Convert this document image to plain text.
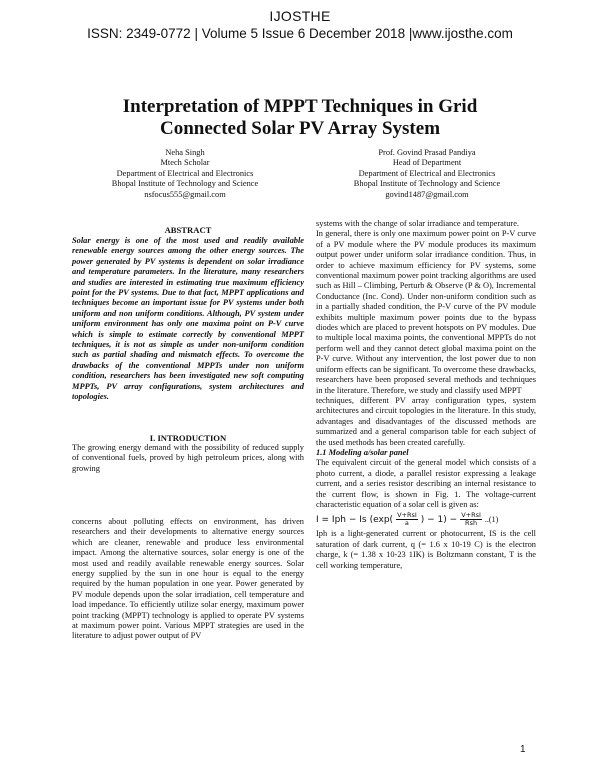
IJOSTHE
ISSN: 2349-0772 | Volume 5 Issue 6 December 2018 |www.ijosthe.com
Interpretation of MPPT Techniques in Grid
Connected Solar PV Array System
Neha Singh
Mtech Scholar
Department of Electrical and Electronics
Bhopal Institute of Technology and Science
nsfocus555@gmail.com
Prof. Govind Prasad Pandiya
Head of Department
Department of Electrical and Electronics
Bhopal Institute of Technology and Science
govind1487@gmail.com
ABSTRACT
Solar energy is one of the most used and readily available renewable energy sources among the other energy sources. The power generated by PV systems is dependent on solar irradiance and temperature parameters. In the literature, many researchers and studies are interested in estimating true maximum efficiency point for the PV systems. Due to that fact, MPPT applications and techniques become an important issue for PV systems under both uniform and non uniform conditions. Although, PV system under uniform environment has only one maxima point on P-V curve which is simple to estimate correctly by conventional MPPT techniques, it is not as simple as under non-uniform condition such as partial shading and mismatch effects. To overcome the drawbacks of the conventional MPPTs under non uniform condition, researchers has been investigated new soft computing MPPTs, PV array configurations, system architectures and topologies.
I. INTRODUCTION
The growing energy demand with the possibility of reduced supply of conventional fuels, proved by high petroleum prices, along with growing
concerns about polluting effects on environment, has driven researchers and their developments to alternative energy sources which are cleaner, renewable and produce less environmental impact. Among the alternative sources, solar energy is one of the most used and readily available renewable energy sources. Solar energy supplied by the sun in one hour is equal to the energy required by the human population in one year. Power generated by PV module depends upon the solar irradiation, cell temperature and load impedance. To efficiently utilize solar energy, maximum power point tracking (MPPT) technology is applied to operate PV systems at maximum power point. Various MPPT strategies are used in the literature to adjust power output of PV
systems with the change of solar irradiance and temperature.
In general, there is only one maximum power point on P-V curve of a PV module where the PV module produces its maximum output power under uniform solar irradiance condition. Thus, in order to achieve maximum efficiency for PV systems, some conventional maximum power point tracking algorithms are used such as Hill – Climbing, Perturb & Observe (P & O), Incremental Conductance (Inc. Cond). Under non-uniform condition such as in a partially shaded condition, the P-V curve of the PV module exhibits multiple maximum power points due to the bypass diodes which are placed to prevent hotspots on PV modules. Due to multiple local maxima points, the conventional MPPTs do not perform well and they cannot detect global maxima point on the P-V curve. Without any intervention, the lost power due to non uniform effects can be significant. To overcome these drawbacks, researchers have been proposed several methods and techniques in the literature. Therefore, we study and classify used MPPT
techniques, different PV array configuration types, system architectures and circuit topologies in the literature. In this study, advantages and disadvantages of the discussed methods are summarized and a general comparison table for each subject of the used methods has been created carefully.
1.1 Modeling a/solar panel
The equivalent circuit of the general model which consists of a photo current, a diode, a parallel resistor expressing a leakage current, and a series resistor describing an internal resistance to the current flow, is shown in Fig. 1. The voltage-current characteristic equation of a solar cell is given as:
I = Iph − Is ($\exp( \frac{\text{V+RsI}}{a}$ ) − $1) - \frac{\text{V+RsI}}{\text{Rsh}} ..(1)$
Iph is a light-generated current or photocurrent, IS is the cell saturation of dark current, q (= 1.6 x 10-19 C) is the electron charge, k (= 1.38 x 10-23 1IK) is Boltzmann constant, T is the cell working temperature,
1
